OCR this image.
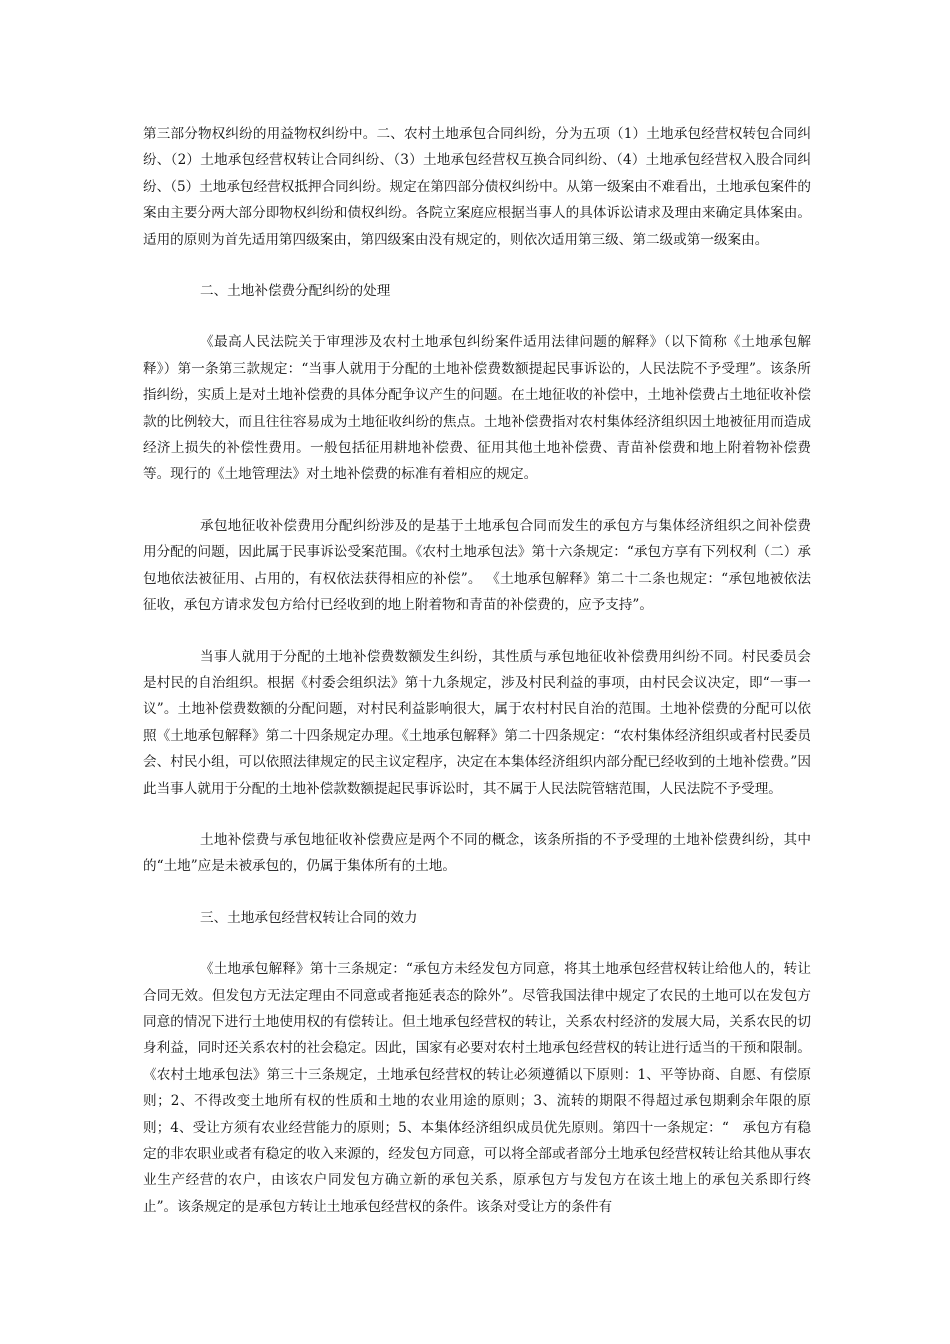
第三部分物权纠纷的用益物权纠纷中。二、农村土地承包合同纠纷，分为五项（1）土地承包经营权转包合同纠纷、（2）土地承包经营权转让合同纠纷、（3）土地承包经营权互换合同纠纷、（4）土地承包经营权入股合同纠纷、（5）土地承包经营权抵押合同纠纷。规定在第四部分债权纠纷中。从第一级案由不难看出，土地承包案件的案由主要分两大部分即物权纠纷和债权纠纷。各院立案庭应根据当事人的具体诉讼请求及理由来确定具体案由。适用的原则为首先适用第四级案由，第四级案由没有规定的，则依次适用第三级、第二级或第一级案由。

二、土地补偿费分配纠纷的处理

《最高人民法院关于审理涉及农村土地承包纠纷案件适用法律问题的解释》（以下简称《土地承包解释》）第一条第三款规定：“当事人就用于分配的土地补偿费数额提起民事诉讼的，人民法院不予受理”。该条所指纠纷，实质上是对土地补偿费的具体分配争议产生的问题。在土地征收的补偿中，土地补偿费占土地征收补偿款的比例较大，而且往往容易成为土地征收纠纷的焦点。土地补偿费指对农村集体经济组织因土地被征用而造成经济上损失的补偿性费用。一般包括征用耕地补偿费、征用其他土地补偿费、青苗补偿费和地上附着物补偿费等。现行的《土地管理法》对土地补偿费的标准有着相应的规定。

承包地征收补偿费用分配纠纷涉及的是基于土地承包合同而发生的承包方与集体经济组织之间补偿费用分配的问题，因此属于民事诉讼受案范围。《农村土地承包法》第十六条规定：“承包方享有下列权利（二）承包地依法被征用、占用的，有权依法获得相应的补偿”。 《土地承包解释》第二十二条也规定：“承包地被依法征收，承包方请求发包方给付已经收到的地上附着物和青苗的补偿费的，应予支持”。

当事人就用于分配的土地补偿费数额发生纠纷，其性质与承包地征收补偿费用纠纷不同。村民委员会是村民的自治组织。根据《村委会组织法》第十九条规定，涉及村民利益的事项，由村民会议决定，即“一事一议”。土地补偿费数额的分配问题，对村民利益影响很大，属于农村村民自治的范围。土地补偿费的分配可以依照《土地承包解释》第二十四条规定办理。《土地承包解释》第二十四条规定：“农村集体经济组织或者村民委员会、村民小组，可以依照法律规定的民主议定程序，决定在本集体经济组织内部分配已经收到的土地补偿费。”因此当事人就用于分配的土地补偿款数额提起民事诉讼时，其不属于人民法院管辖范围，人民法院不予受理。

土地补偿费与承包地征收补偿费应是两个不同的概念，该条所指的不予受理的土地补偿费纠纷，其中的“土地”应是未被承包的，仍属于集体所有的土地。

三、土地承包经营权转让合同的效力

《土地承包解释》第十三条规定：“承包方未经发包方同意，将其土地承包经营权转让给他人的，转让合同无效。但发包方无法定理由不同意或者拖延表态的除外”。尽管我国法律中规定了农民的土地可以在发包方同意的情况下进行土地使用权的有偿转让。但土地承包经营权的转让，关系农村经济的发展大局，关系农民的切身利益，同时还关系农村的社会稳定。因此，国家有必要对农村土地承包经营权的转让进行适当的干预和限制。《农村土地承包法》第三十三条规定，土地承包经营权的转让必须遵循以下原则：1、平等协商、自愿、有偿原则；2、不得改变土地所有权的性质和土地的农业用途的原则；3、流转的期限不得超过承包期剩余年限的原则；4、受让方须有农业经营能力的原则；5、本集体经济组织成员优先原则。第四十一条规定：“　承包方有稳定的非农职业或者有稳定的收入来源的，经发包方同意，可以将全部或者部分土地承包经营权转让给其他从事农业生产经营的农户，由该农户同发包方确立新的承包关系，原承包方与发包方在该土地上的承包关系即行终止”。该条规定的是承包方转让土地承包经营权的条件。该条对受让方的条件有
